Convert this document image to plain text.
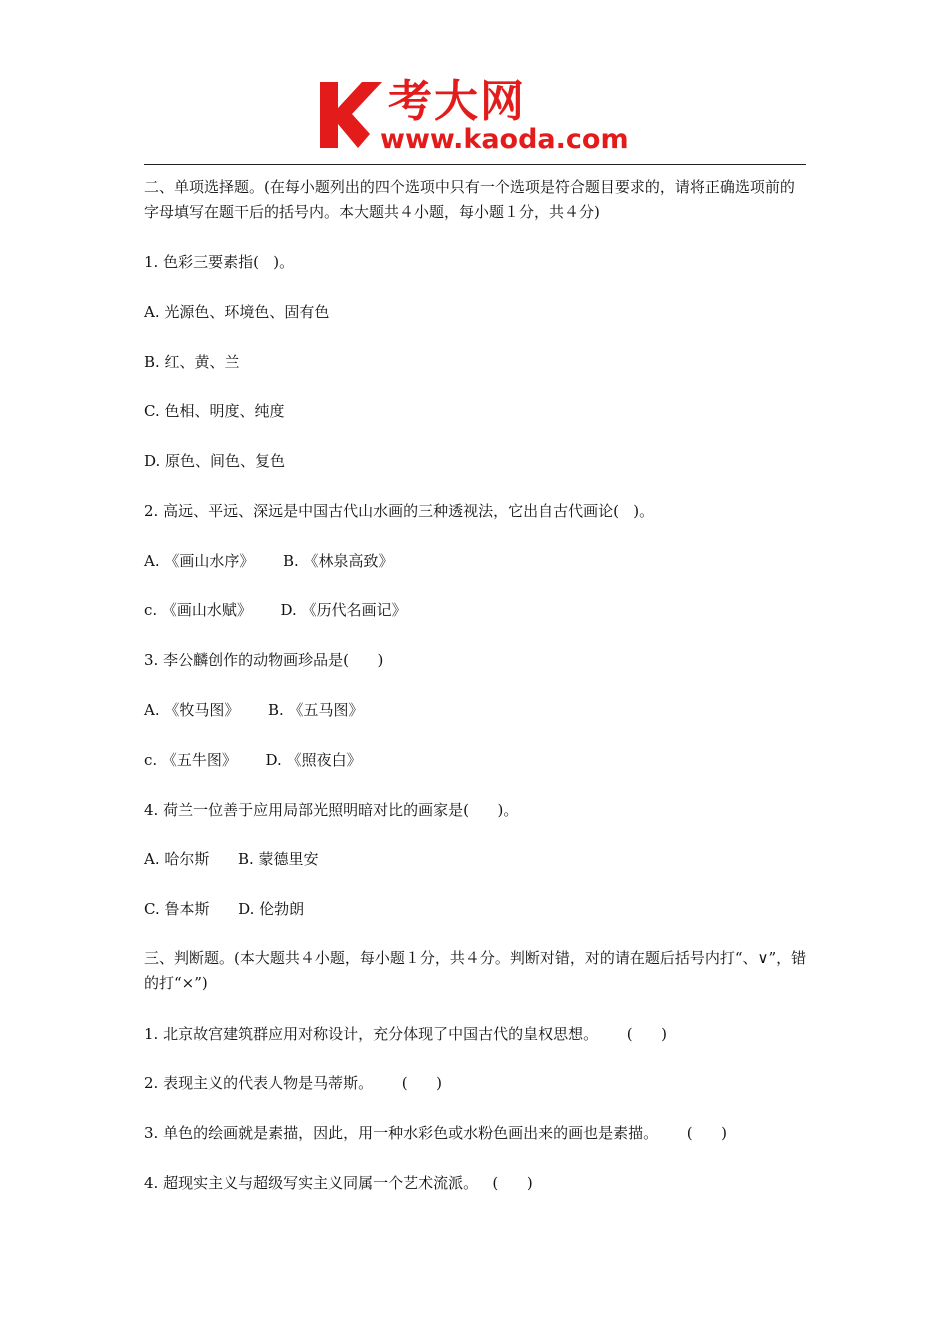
考大网
www.kaoda.com
二、单项选择题。(在每小题列出的四个选项中只有一个选项是符合题目要求的，请将正确选项前的字母填写在题干后的括号内。本大题共４小题，每小题１分，共４分)
1. 色彩三要素指(   )。
A. 光源色、环境色、固有色
B. 红、黄、兰
C. 色相、明度、纯度
D. 原色、间色、复色
2. 高远、平远、深远是中国古代山水画的三种透视法，它出自古代画论(   )。
A. 《画山水序》      B. 《林泉高致》
c. 《画山水赋》      D. 《历代名画记》
3. 李公麟创作的动物画珍品是(      )
A. 《牧马图》      B. 《五马图》
c. 《五牛图》      D. 《照夜白》
4. 荷兰一位善于应用局部光照明暗对比的画家是(      )。
A. 哈尔斯      B. 蒙德里安
C. 鲁本斯      D. 伦勃朗
三、判断题。(本大题共４小题，每小题１分，共４分。判断对错，对的请在题后括号内打“、∨”，错的打“×”)
1. 北京故宫建筑群应用对称设计，充分体现了中国古代的皇权思想。      (      )
2. 表现主义的代表人物是马蒂斯。      (      )
3. 单色的绘画就是素描，因此，用一种水彩色或水粉色画出来的画也是素描。      (      )
4. 超现实主义与超级写实主义同属一个艺术流派。   (      )
